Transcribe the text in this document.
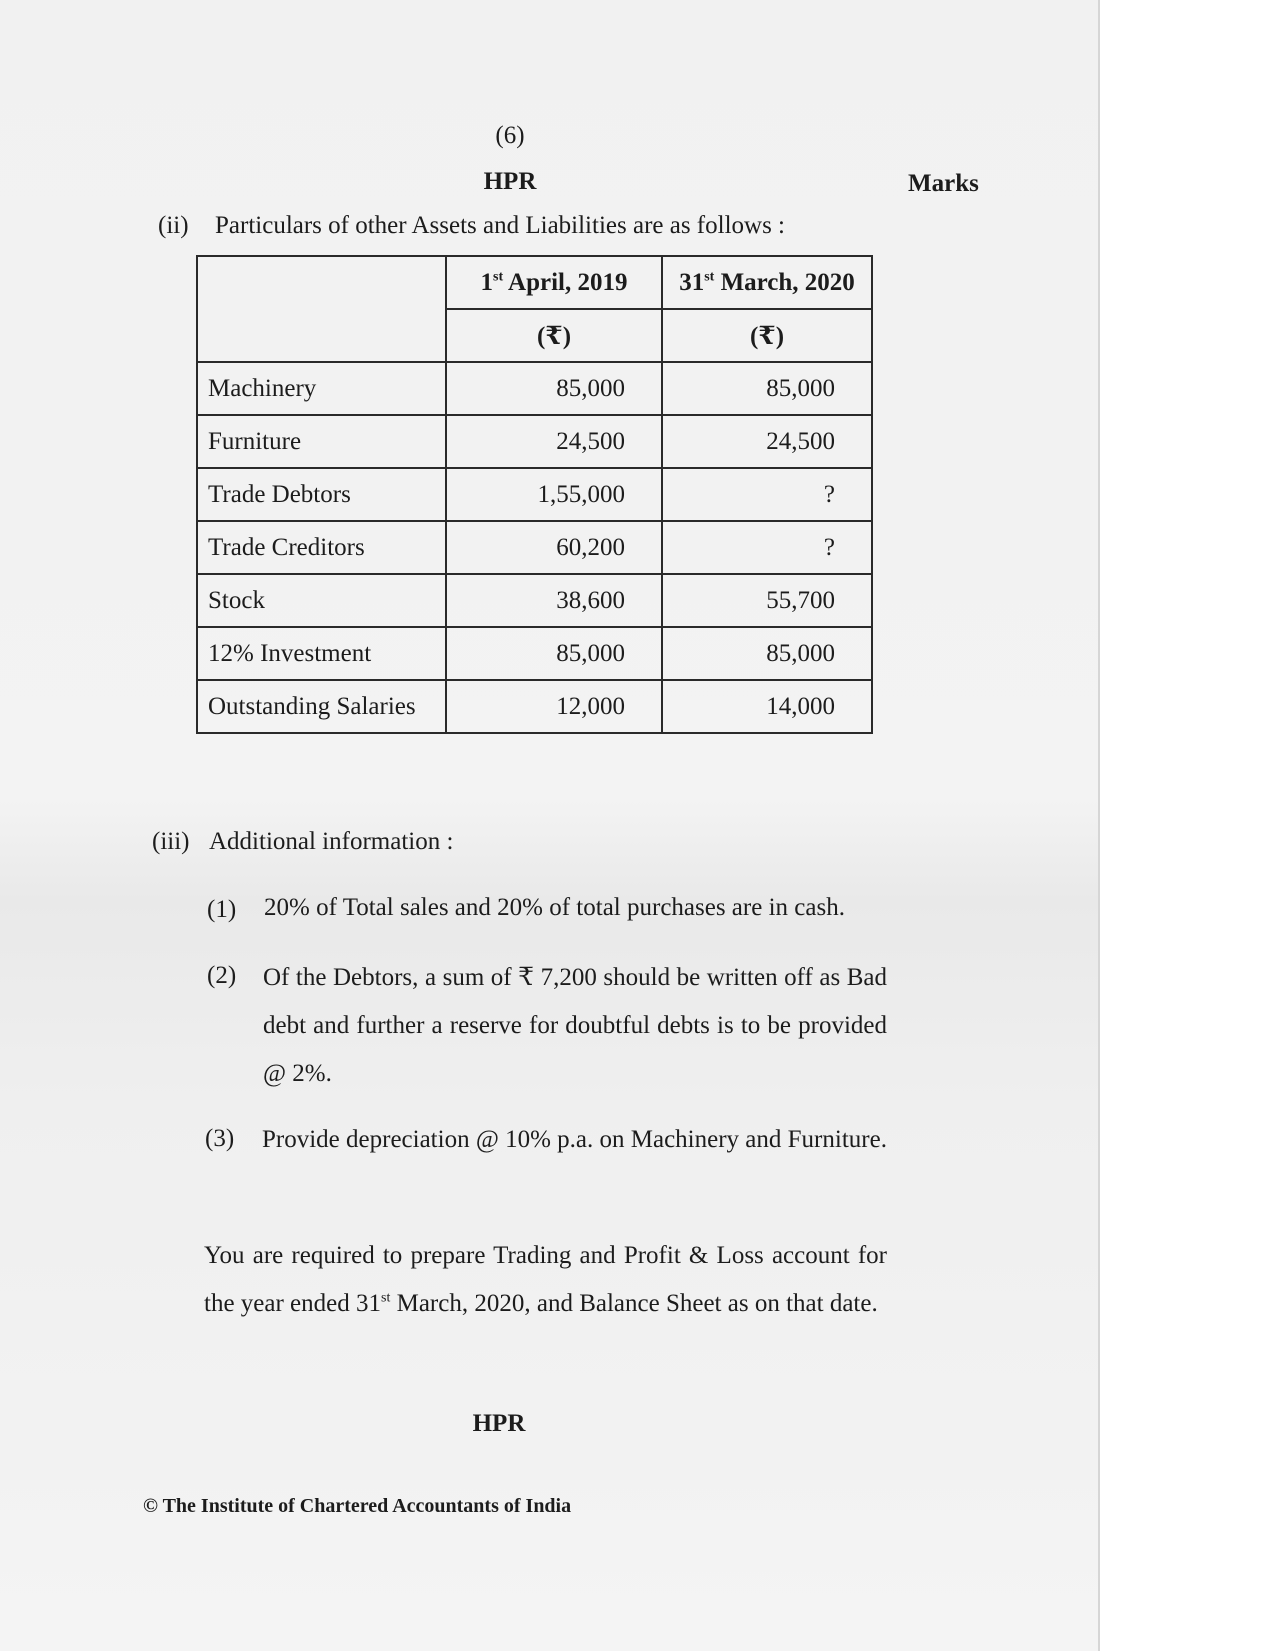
(6)
HPR	Marks
(ii) Particulars of other Assets and Liabilities are as follows :
	1st April, 2019	31st March, 2020
	(₹)	(₹)
Machinery	85,000	85,000
Furniture	24,500	24,500
Trade Debtors	1,55,000	?
Trade Creditors	60,200	?
Stock	38,600	55,700
12% Investment	85,000	85,000
Outstanding Salaries	12,000	14,000
(iii) Additional information :
(1) 20% of Total sales and 20% of total purchases are in cash.
(2) Of the Debtors, a sum of ₹ 7,200 should be written off as Bad debt and further a reserve for doubtful debts is to be provided @ 2%.
(3) Provide depreciation @ 10% p.a. on Machinery and Furniture.
You are required to prepare Trading and Profit & Loss account for the year ended 31st March, 2020, and Balance Sheet as on that date.
HPR
© The Institute of Chartered Accountants of India
